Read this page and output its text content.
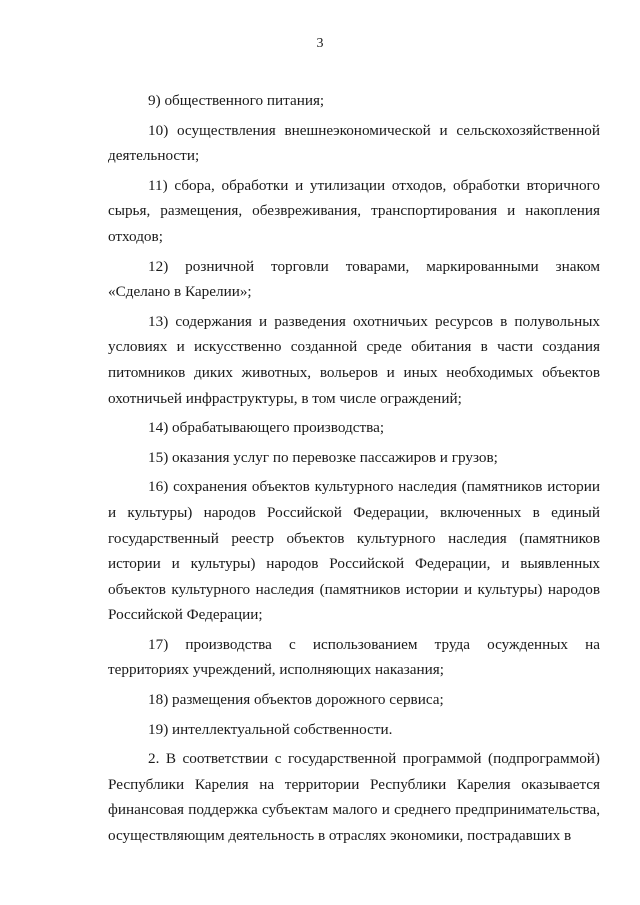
3

9) общественного питания;

10) осуществления внешнеэкономической и сельскохозяйственной деятельности;

11) сбора, обработки и утилизации отходов, обработки вторичного сырья, размещения, обезвреживания, транспортирования и накопления отходов;

12) розничной торговли товарами, маркированными знаком «Сделано в Карелии»;

13) содержания и разведения охотничьих ресурсов в полувольных условиях и искусственно созданной среде обитания в части создания питомников диких животных, вольеров и иных необходимых объектов охотничьей инфраструктуры, в том числе ограждений;

14) обрабатывающего производства;

15) оказания услуг по перевозке пассажиров и грузов;

16) сохранения объектов культурного наследия (памятников истории и культуры) народов Российской Федерации, включенных в единый государственный реестр объектов культурного наследия (памятников истории и культуры) народов Российской Федерации, и выявленных объектов культурного наследия (памятников истории и культуры) народов Российской Федерации;

17) производства с использованием труда осужденных на территориях учреждений, исполняющих наказания;

18) размещения объектов дорожного сервиса;

19) интеллектуальной собственности.

2. В соответствии с государственной программой (подпрограммой) Республики Карелия на территории Республики Карелия оказывается финансовая поддержка субъектам малого и среднего предпринимательства, осуществляющим деятельность в отраслях экономики, пострадавших в
